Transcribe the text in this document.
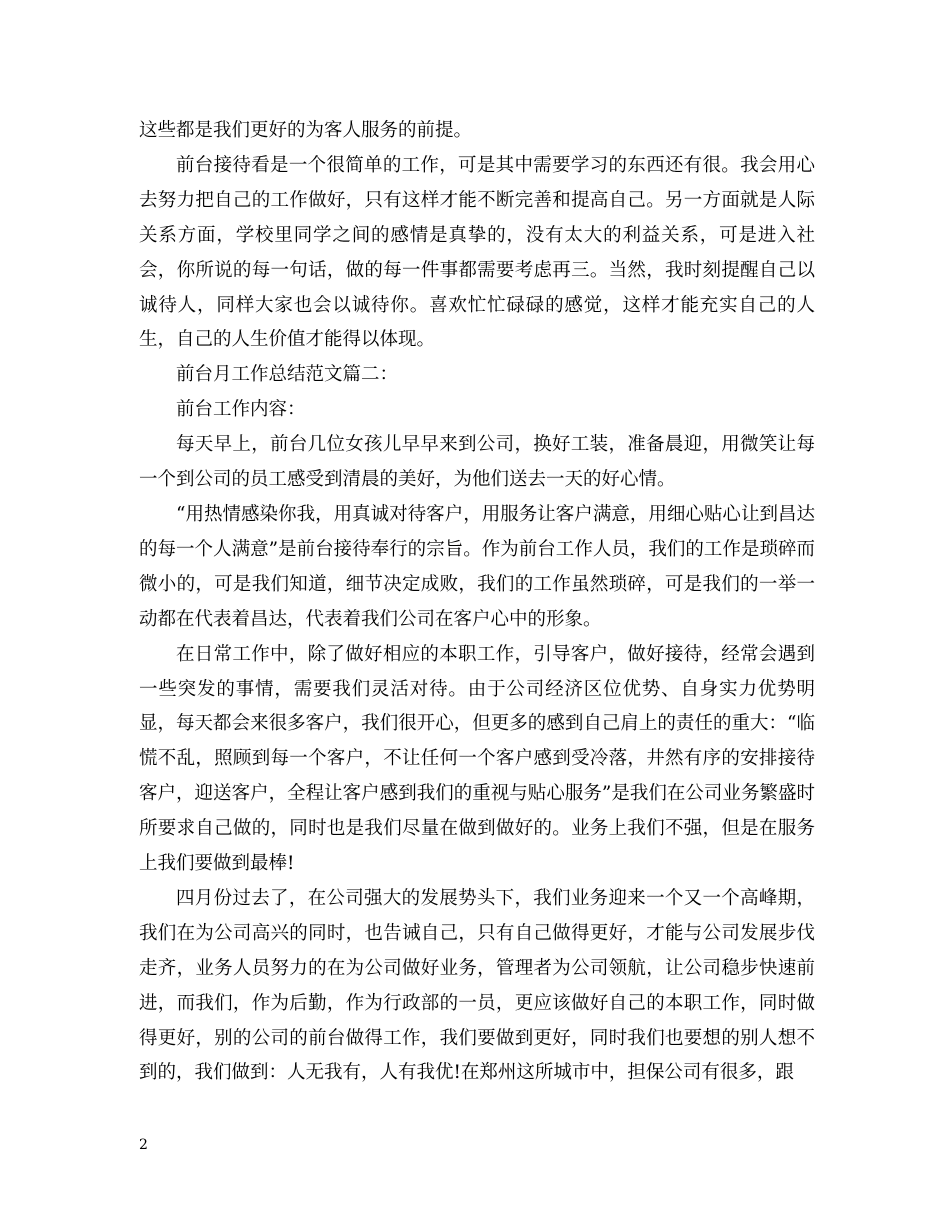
这些都是我们更好的为客人服务的前提。

前台接待看是一个很简单的工作，可是其中需要学习的东西还有很。我会用心去努力把自己的工作做好，只有这样才能不断完善和提高自己。另一方面就是人际关系方面，学校里同学之间的感情是真挚的，没有太大的利益关系，可是进入社会，你所说的每一句话，做的每一件事都需要考虑再三。当然，我时刻提醒自己以诚待人，同样大家也会以诚待你。喜欢忙忙碌碌的感觉，这样才能充实自己的人生，自己的人生价值才能得以体现。

前台月工作总结范文篇二：

前台工作内容：

每天早上，前台几位女孩儿早早来到公司，换好工装，准备晨迎，用微笑让每一个到公司的员工感受到清晨的美好，为他们送去一天的好心情。

“用热情感染你我，用真诚对待客户，用服务让客户满意，用细心贴心让到昌达的每一个人满意”是前台接待奉行的宗旨。作为前台工作人员，我们的工作是琐碎而微小的，可是我们知道，细节决定成败，我们的工作虽然琐碎，可是我们的一举一动都在代表着昌达，代表着我们公司在客户心中的形象。

在日常工作中，除了做好相应的本职工作，引导客户，做好接待，经常会遇到一些突发的事情，需要我们灵活对待。由于公司经济区位优势、自身实力优势明显，每天都会来很多客户，我们很开心，但更多的感到自己肩上的责任的重大：“临慌不乱，照顾到每一个客户，不让任何一个客户感到受冷落，井然有序的安排接待客户，迎送客户，全程让客户感到我们的重视与贴心服务”是我们在公司业务繁盛时所要求自己做的，同时也是我们尽量在做到做好的。业务上我们不强，但是在服务上我们要做到最棒!

四月份过去了，在公司强大的发展势头下，我们业务迎来一个又一个高峰期，我们在为公司高兴的同时，也告诫自己，只有自己做得更好，才能与公司发展步伐走齐，业务人员努力的在为公司做好业务，管理者为公司领航，让公司稳步快速前进，而我们，作为后勤，作为行政部的一员，更应该做好自己的本职工作，同时做得更好，别的公司的前台做得工作，我们要做到更好，同时我们也要想的别人想不到的，我们做到：人无我有，人有我优!在郑州这所城市中，担保公司有很多，跟

2
